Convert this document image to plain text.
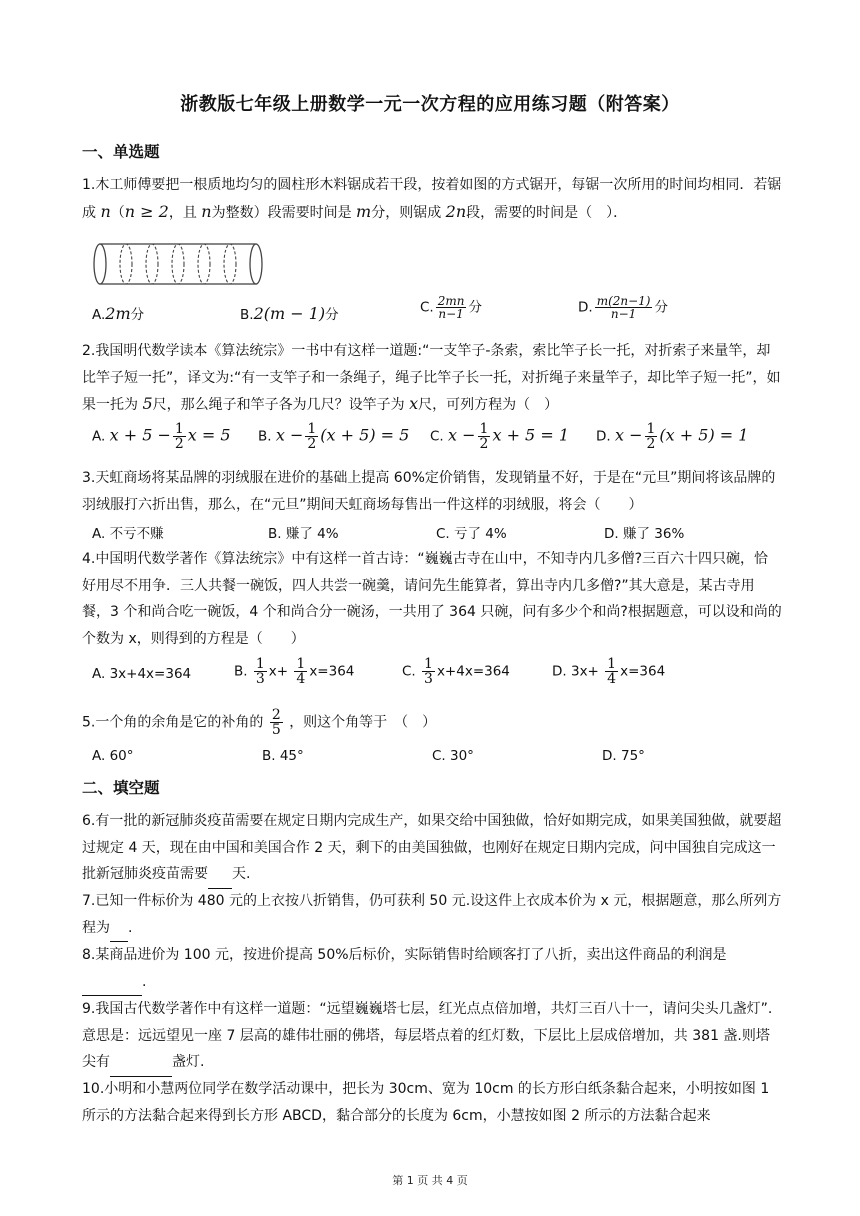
浙教版七年级上册数学一元一次方程的应用练习题（附答案）
一、单选题
1.木工师傅要把一根质地均匀的圆柱形木料锯成若干段，按着如图的方式锯开，每锯一次所用的时间均相同．若锯成 n（n ≥ 2，且 n为整数）段需要时间是 m分，则锯成 2n段，需要的时间是（　）．
A.2m分	B.2(m − 1)分	C. $\frac{2mn}{n-1}$ 分	D. $\frac{m(2n-1)}{n-1}$ 分
2.我国明代数学读本《算法统宗》一书中有这样一道题:“一支竿子-条索，索比竿子长一托，对折索子来量竿，却比竿子短一托”，译文为:“有一支竿子和一条绳子，绳子比竿子长一托，对折绳子来量竿子，却比竿子短一托”，如果一托为 5尺，那么绳子和竿子各为几尺？设竿子为 x尺，可列方程为（　）
A. $x + 5 - \frac{1}{2}$ x = 5 B. $x - \frac{1}{2} (x + 5) = 5$ C. $x - \frac{1}{2}$ x + 5 = 1 D. $x - \frac{1}{2} (x + 5) = 1$
3.天虹商场将某品牌的羽绒服在进价的基础上提高 60%定价销售，发现销量不好，于是在“元旦”期间将该品牌的羽绒服打六折出售，那么，在“元旦”期间天虹商场每售出一件这样的羽绒服，将会（　　）
A. 不亏不赚	B. 赚了 4%	C. 亏了 4%	D. 赚了 36%
4.中国明代数学著作《算法统宗》中有这样一首古诗：“巍巍古寺在山中，不知寺内几多僧?三百六十四只碗，恰好用尽不用争．三人共餐一碗饭，四人共尝一碗羹，请问先生能算者，算出寺内几多僧?”其大意是，某古寺用餐，3 个和尚合吃一碗饭，4 个和尚合分一碗汤，一共用了 364 只碗，问有多少个和尚?根据题意，可以设和尚的个数为 x，则得到的方程是（　　）
A. 3x+4x=364	B. $\frac{1}{3} x+ \frac{1}{4} x=364$	C. $\frac{1}{3} x+4x=364$	D. $3x+ \frac{1}{4} x=364$
5.一个角的余角是它的补角的 $\frac{2}{5}$ ，则这个角等于　（　）
A. 60°	B. 45°	C. 30°	D. 75°
二、填空题
6.有一批的新冠肺炎疫苗需要在规定日期内完成生产，如果交给中国独做，恰好如期完成，如果美国独做，就要超过规定 4 天，现在由中国和美国合作 2 天，剩下的由美国独做，也刚好在规定日期内完成，问中国独自完成这一批新冠肺炎疫苗需要 天.
7.已知一件标价为 480 元的上衣按八折销售，仍可获利 50 元.设这件上衣成本价为 x 元，根据题意，那么所列方程为 .
8.某商品进价为 100 元，按进价提高 50%后标价，实际销售时给顾客打了八折，卖出这件商品的利润是 .
9.我国古代数学著作中有这样一道题：“远望巍巍塔七层，红光点点倍加增，共灯三百八十一，请问尖头几盏灯”.意思是：远远望见一座 7 层高的雄伟壮丽的佛塔，每层塔点着的红灯数，下层比上层成倍增加，共 381 盏.则塔尖有	盏灯.
10.小明和小慧两位同学在数学活动课中，把长为 30cm、宽为 10cm 的长方形白纸条黏合起来，小明按如图 1 所示的方法黏合起来得到长方形 ABCD，黏合部分的长度为 6cm，小慧按如图 2 所示的方法黏合起来
第 1 页 共 4 页
